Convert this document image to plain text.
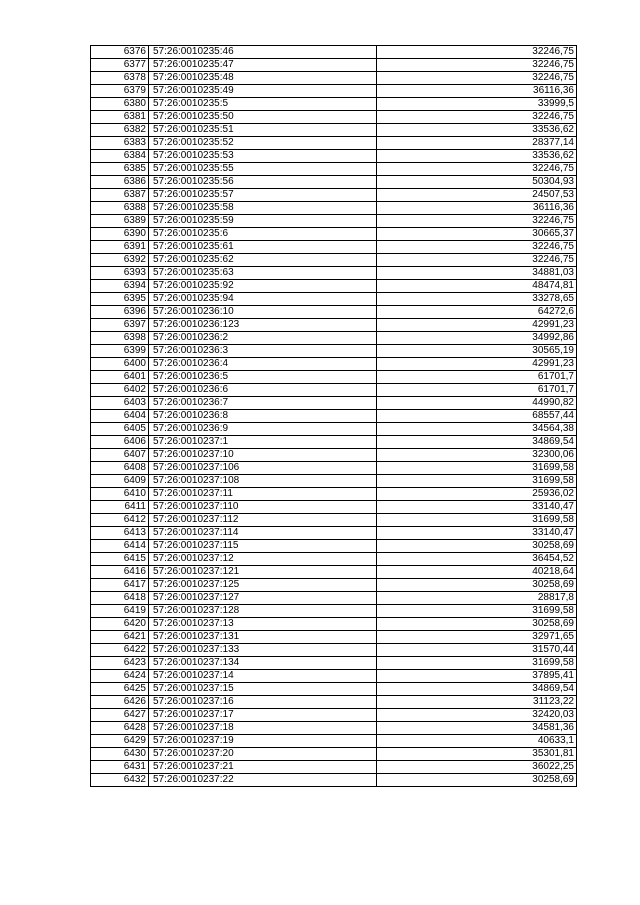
6376	57:26:0010235:46	32246,75
6377	57:26:0010235:47	32246,75
6378	57:26:0010235:48	32246,75
6379	57:26:0010235:49	36116,36
6380	57:26:0010235:5	33999,5
6381	57:26:0010235:50	32246,75
6382	57:26:0010235:51	33536,62
6383	57:26:0010235:52	28377,14
6384	57:26:0010235:53	33536,62
6385	57:26:0010235:55	32246,75
6386	57:26:0010235:56	50304,93
6387	57:26:0010235:57	24507,53
6388	57:26:0010235:58	36116,36
6389	57:26:0010235:59	32246,75
6390	57:26:0010235:6	30665,37
6391	57:26:0010235:61	32246,75
6392	57:26:0010235:62	32246,75
6393	57:26:0010235:63	34881,03
6394	57:26:0010235:92	48474,81
6395	57:26:0010235:94	33278,65
6396	57:26:0010236:10	64272,6
6397	57:26:0010236:123	42991,23
6398	57:26:0010236:2	34992,86
6399	57:26:0010236:3	30565,19
6400	57:26:0010236:4	42991,23
6401	57:26:0010236:5	61701,7
6402	57:26:0010236:6	61701,7
6403	57:26:0010236:7	44990,82
6404	57:26:0010236:8	68557,44
6405	57:26:0010236:9	34564,38
6406	57:26:0010237:1	34869,54
6407	57:26:0010237:10	32300,06
6408	57:26:0010237:106	31699,58
6409	57:26:0010237:108	31699,58
6410	57:26:0010237:11	25936,02
6411	57:26:0010237:110	33140,47
6412	57:26:0010237:112	31699,58
6413	57:26:0010237:114	33140,47
6414	57:26:0010237:115	30258,69
6415	57:26:0010237:12	36454,52
6416	57:26:0010237:121	40218,64
6417	57:26:0010237:125	30258,69
6418	57:26:0010237:127	28817,8
6419	57:26:0010237:128	31699,58
6420	57:26:0010237:13	30258,69
6421	57:26:0010237:131	32971,65
6422	57:26:0010237:133	31570,44
6423	57:26:0010237:134	31699,58
6424	57:26:0010237:14	37895,41
6425	57:26:0010237:15	34869,54
6426	57:26:0010237:16	31123,22
6427	57:26:0010237:17	32420,03
6428	57:26:0010237:18	34581,36
6429	57:26:0010237:19	40633,1
6430	57:26:0010237:20	35301,81
6431	57:26:0010237:21	36022,25
6432	57:26:0010237:22	30258,69
